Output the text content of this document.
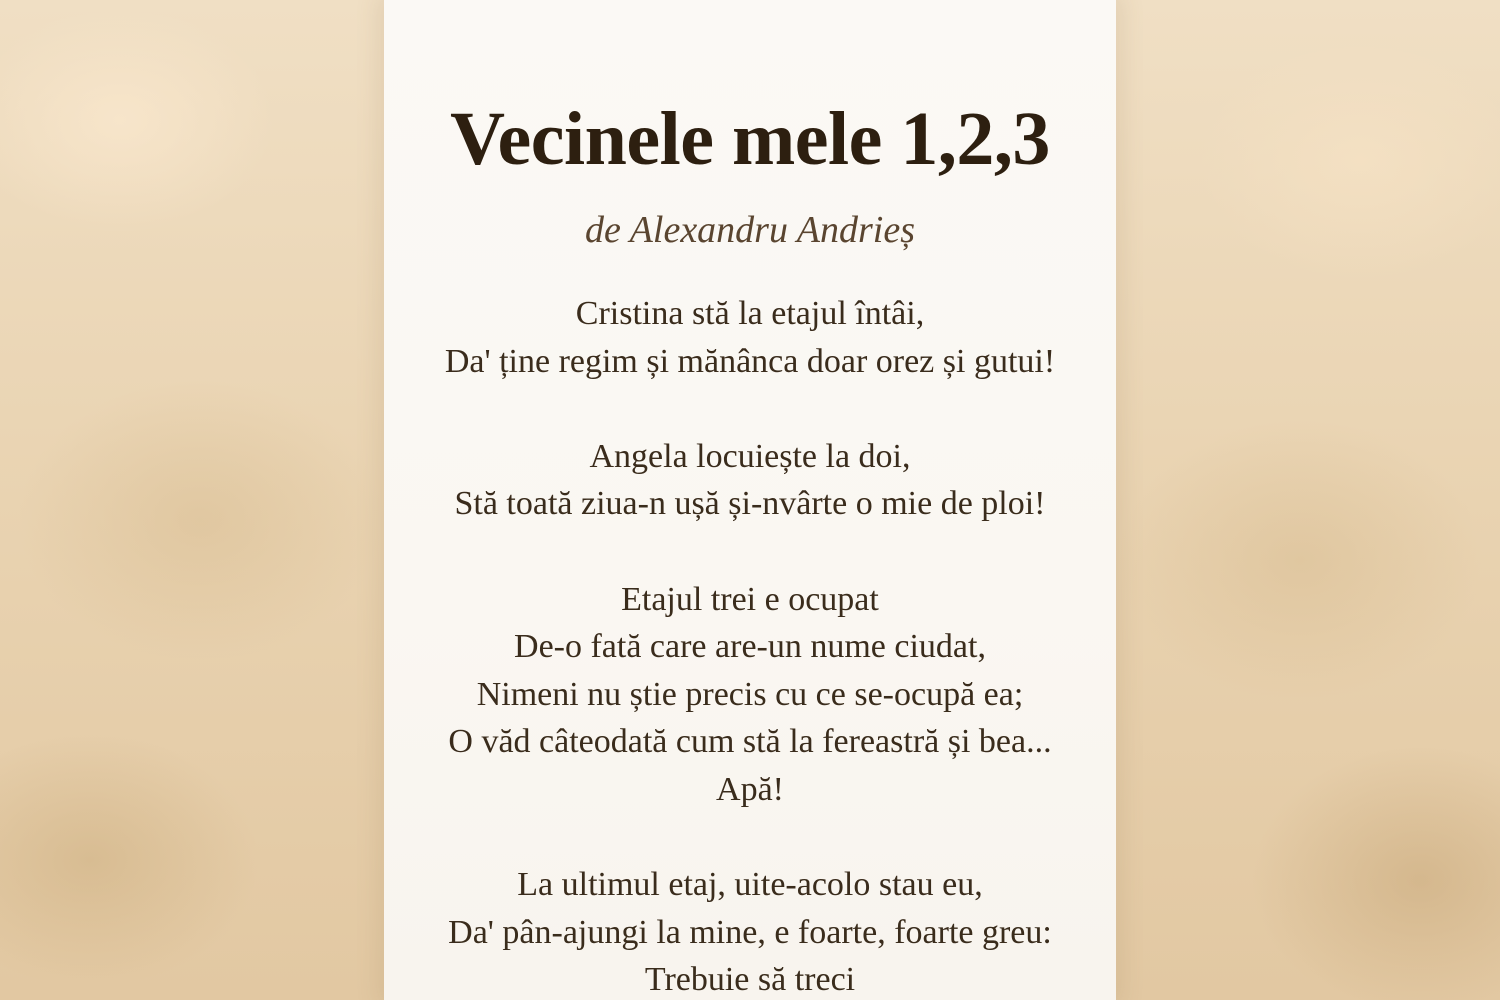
Vecinele mele 1,2,3
de Alexandru Andrieș
Cristina stă la etajul întâi,
Da' ține regim și mănânca doar orez și gutui!
Angela locuiește la doi,
Stă toată ziua-n ușă și-nvârte o mie de ploi!
Etajul trei e ocupat
De-o fată care are-un nume ciudat,
Nimeni nu știe precis cu ce se-ocupă ea;
O văd câteodată cum stă la fereastră și bea...
Apă!
La ultimul etaj, uite-acolo stau eu,
Da' pân-ajungi la mine, e foarte, foarte greu:
Trebuie să treci
